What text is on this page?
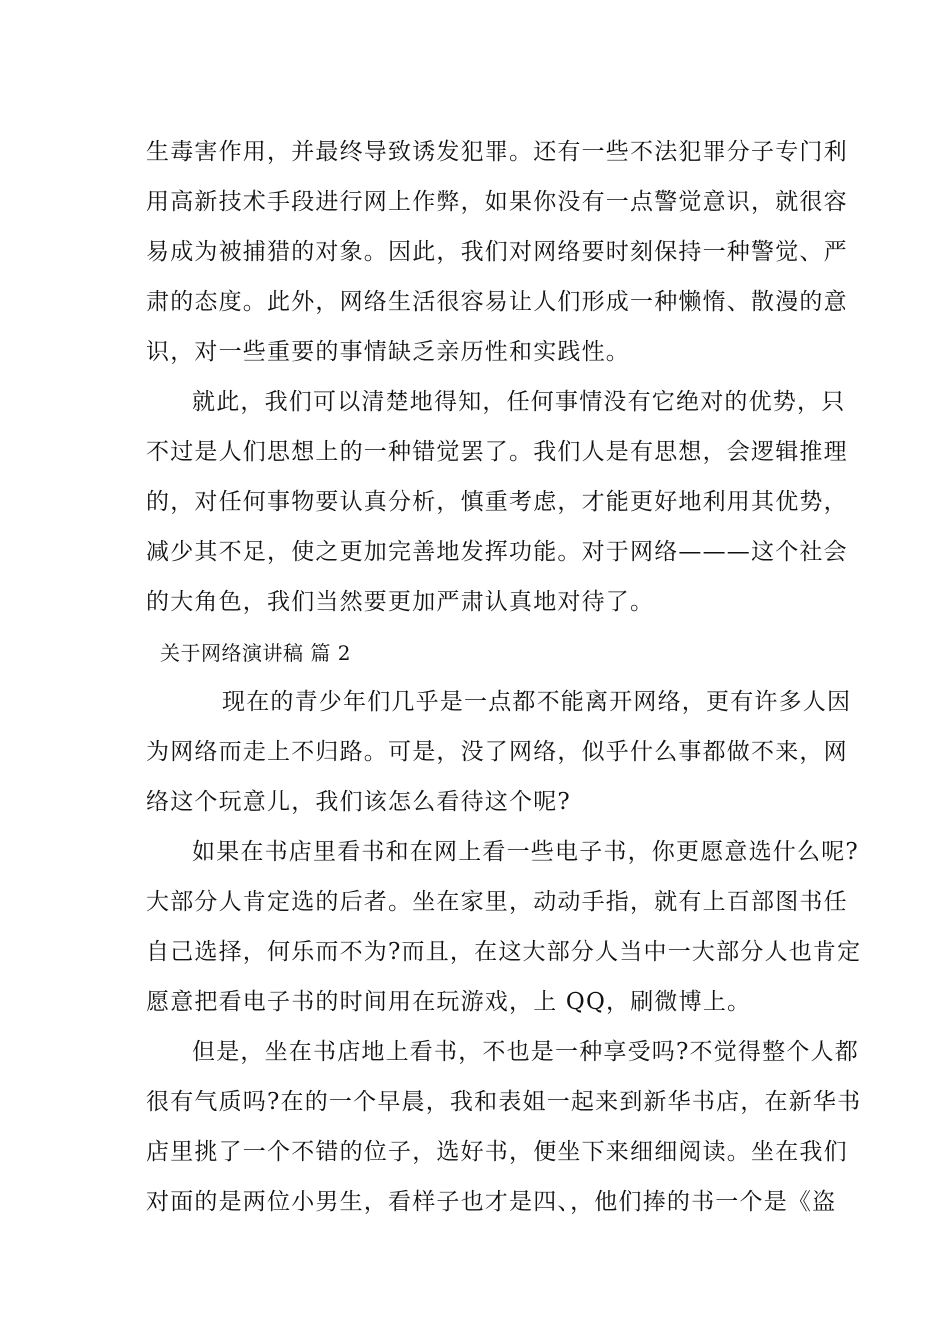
生毒害作用，并最终导致诱发犯罪。还有一些不法犯罪分子专门利
用高新技术手段进行网上作弊，如果你没有一点警觉意识，就很容
易成为被捕猎的对象。因此，我们对网络要时刻保持一种警觉、严
肃的态度。此外，网络生活很容易让人们形成一种懒惰、散漫的意
识，对一些重要的事情缺乏亲历性和实践性。
就此，我们可以清楚地得知，任何事情没有它绝对的优势，只
不过是人们思想上的一种错觉罢了。我们人是有思想，会逻辑推理
的，对任何事物要认真分析，慎重考虑，才能更好地利用其优势，
减少其不足，使之更加完善地发挥功能。对于网络———这个社会
的大角色，我们当然要更加严肃认真地对待了。
关于网络演讲稿 篇 2
现在的青少年们几乎是一点都不能离开网络，更有许多人因
为网络而走上不归路。可是，没了网络，似乎什么事都做不来，网
络这个玩意儿，我们该怎么看待这个呢?
如果在书店里看书和在网上看一些电子书，你更愿意选什么呢?
大部分人肯定选的后者。坐在家里，动动手指，就有上百部图书任
自己选择，何乐而不为?而且，在这大部分人当中一大部分人也肯定
愿意把看电子书的时间用在玩游戏，上 QQ，刷微博上。
但是，坐在书店地上看书，不也是一种享受吗?不觉得整个人都
很有气质吗?在的一个早晨，我和表姐一起来到新华书店，在新华书
店里挑了一个不错的位子，选好书，便坐下来细细阅读。坐在我们
对面的是两位小男生，看样子也才是四、，他们捧的书一个是《盗
